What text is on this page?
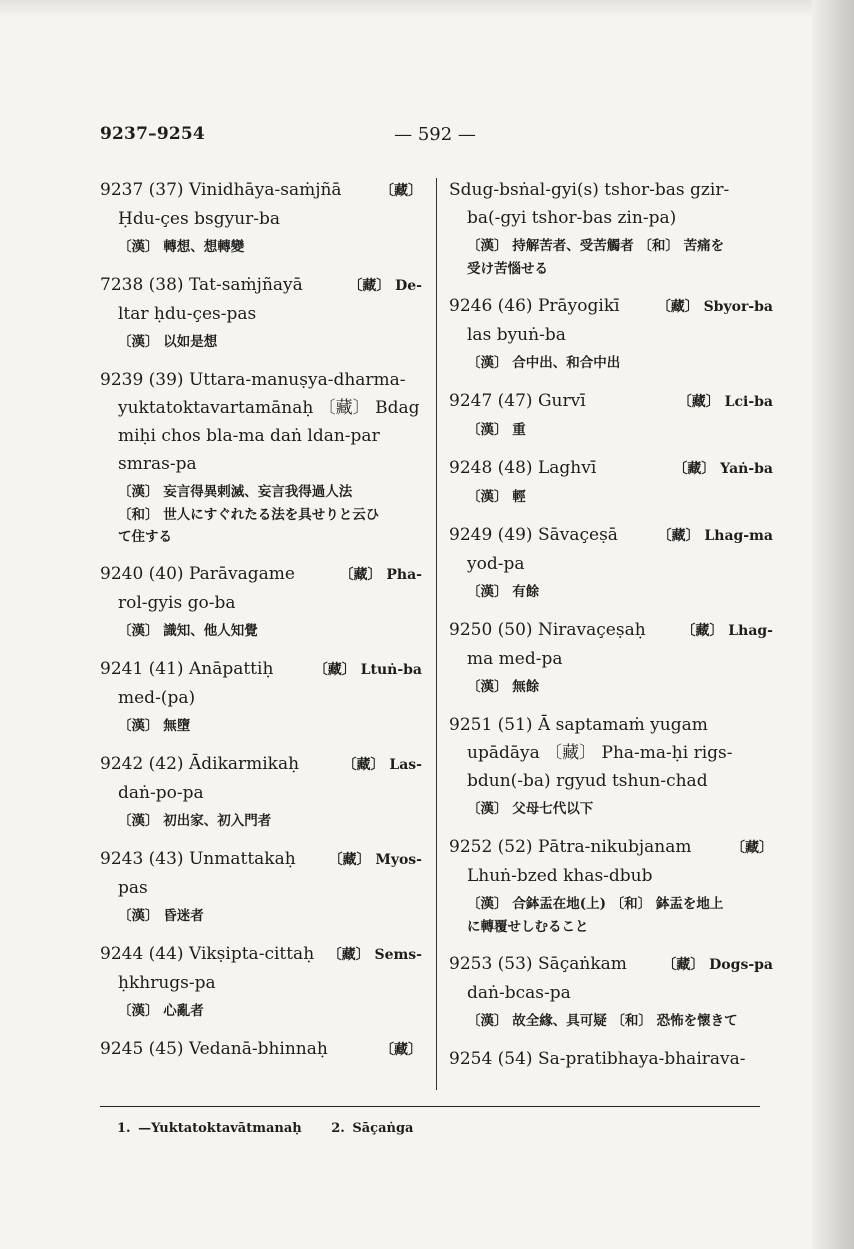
9237–9254	— 592 —
9237 (37) Vinidhāya-saṁjñā	〔藏〕
Ḥdu-çes bsgyur-ba
〔漢〕 轉想、想轉變
7238 (38) Tat-saṁjñayā	〔藏〕 De-
ltar ḥdu-çes-pas
〔漢〕 以如是想
9239 (39) Uttara-manuṣya-dharma-
yuktatoktavartamānaḥ 〔藏〕 Bdag
miḥi chos bla-ma daṅ ldan-par
smras-pa
〔漢〕 妄言得異剌滅、妄言我得過人法
〔和〕 世人にすぐれたる法を具せりと云ひ
て住する
9240 (40) Parāvagame	〔藏〕 Pha-
rol-gyis go-ba
〔漢〕 識知、他人知覺
9241 (41) Anāpattiḥ	〔藏〕 Ltuṅ-ba
med-(pa)
〔漢〕 無墮
9242 (42) Ādikarmikaḥ	〔藏〕 Las-
daṅ-po-pa
〔漢〕 初出家、初入門者
9243 (43) Unmattakaḥ	〔藏〕 Myos-
pas
〔漢〕 昏迷者
9244 (44) Vikṣipta-cittaḥ 〔藏〕 Sems-
ḥkhrugs-pa
〔漢〕 心亂者
9245 (45) Vedanā-bhinnaḥ	〔藏〕
Sdug-bsṅal-gyi(s) tshor-bas gzir-
ba(-gyi tshor-bas zin-pa)
〔漢〕 持解苦者、受苦觸者 〔和〕 苦痛を
受け苦惱せる
9246 (46) Prāyogikī	〔藏〕 Sbyor-ba
las byuṅ-ba
〔漢〕 合中出、和合中出
9247 (47) Gurvī	〔藏〕 Lci-ba
〔漢〕 重
9248 (48) Laghvī	〔藏〕 Yaṅ-ba
〔漢〕 輕
9249 (49) Sāvaçeṣā	〔藏〕 Lhag-ma
yod-pa
〔漢〕 有餘
9250 (50) Niravaçeṣaḥ	〔藏〕 Lhag-
ma med-pa
〔漢〕 無餘
9251 (51) Ā saptamaṁ yugam
upādāya 〔藏〕 Pha-ma-ḥi rigs-
bdun(-ba) rgyud tshun-chad
〔漢〕 父母七代以下
9252 (52) Pātra-nikubjanam	〔藏〕
Lhuṅ-bzed khas-dbub
〔漢〕 合鉢盂在地(上) 〔和〕 鉢盂を地上
に轉覆せしむること
9253 (53) Sāçaṅkam	〔藏〕 Dogs-pa
daṅ-bcas-pa
〔漢〕 故全緣、具可疑 〔和〕 恐怖を懷きて
9254 (54) Sa-pratibhaya-bhairava-
1. —Yuktatoktavātmanaḥ 2. Sāçaṅga
